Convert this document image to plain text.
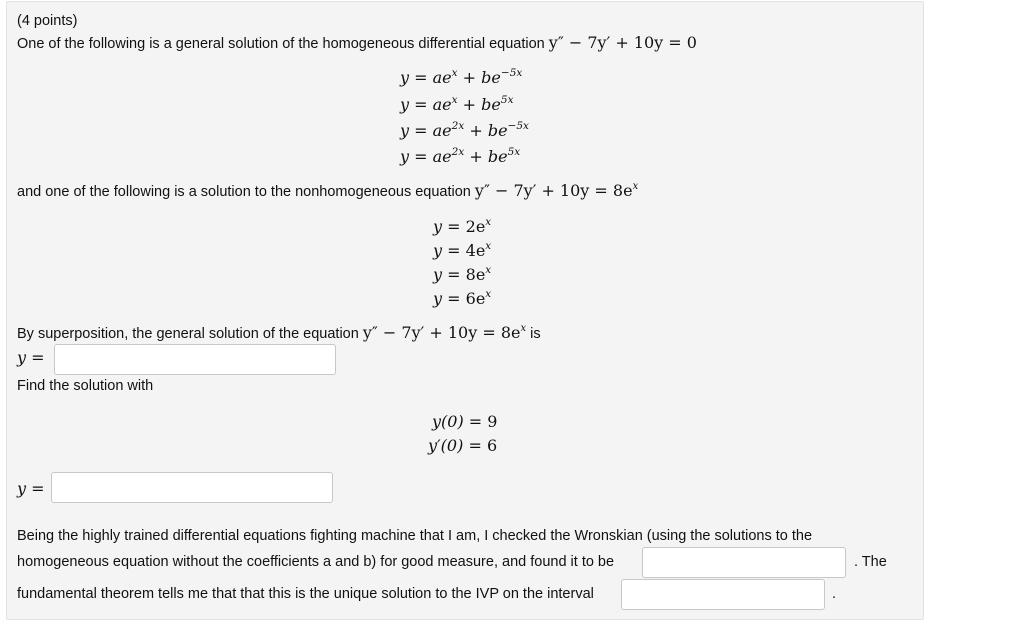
(4 points)
One of the following is a general solution of the homogeneous differential equation y″ − 7y′ + 10y = 0
$y = ae^x + be^{-5x}$
$y = ae^x + be^{5x}$
$y = ae^{2x} + be^{-5x}$
$y = ae^{2x} + be^{5x}$
and one of the following is a solution to the nonhomogeneous equation $y'' - 7y' + 10y = 8e^x$
$y = 2e^x$
$y = 4e^x$
$y = 8e^x$
$y = 6e^x$
By superposition, the general solution of the equation $y'' - 7y' + 10y = 8e^x$ is
y =
Find the solution with
y(0) = 9
y′(0) = 6
y =
Being the highly trained differential equations fighting machine that I am, I checked the Wronskian (using the solutions to the
homogeneous equation without the coefficients a and b) for good measure, and found it to be	. The
fundamental theorem tells me that that this is the unique solution to the IVP on the interval	.
